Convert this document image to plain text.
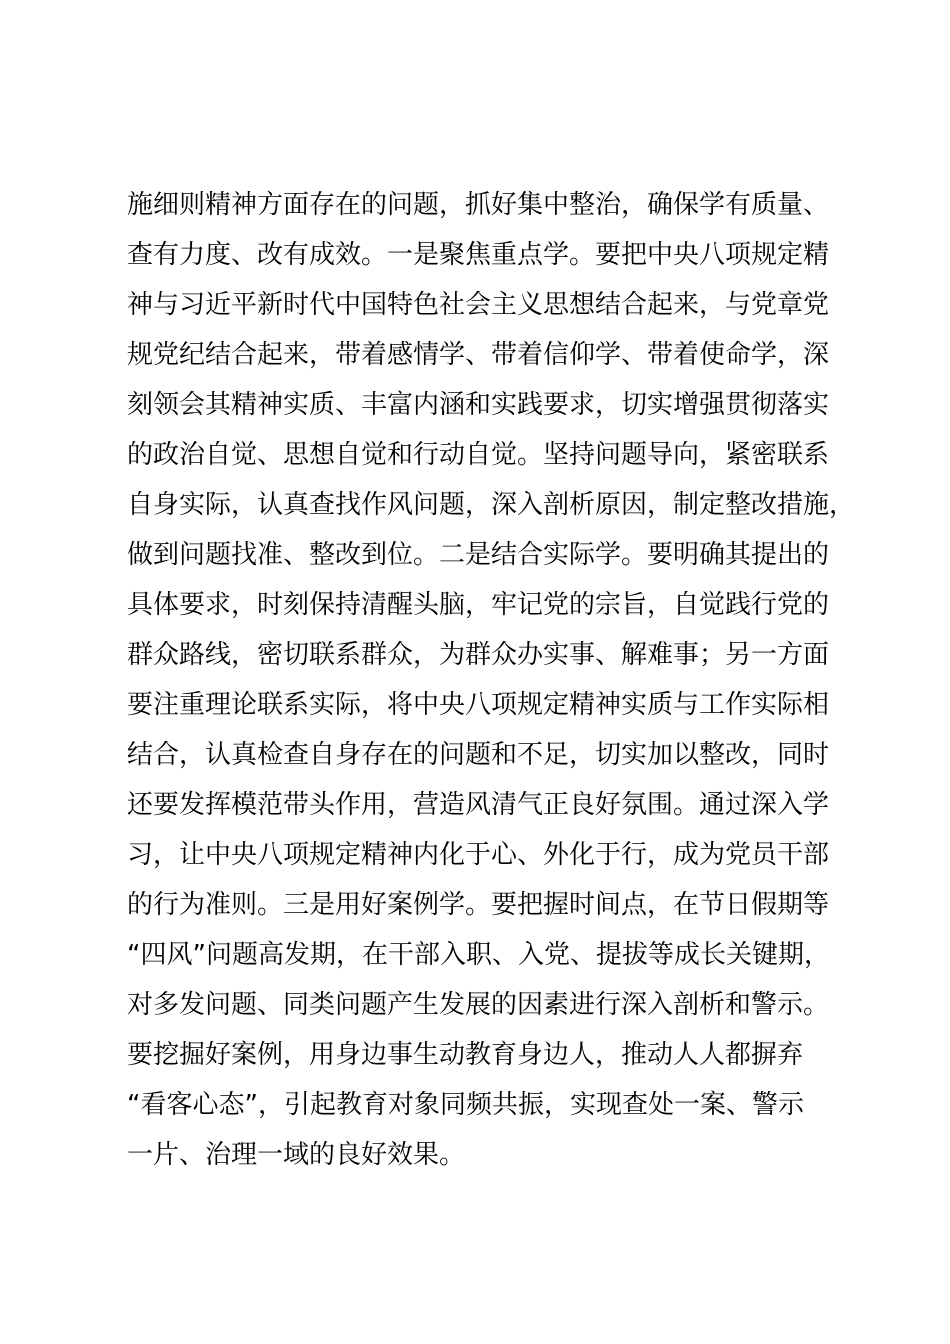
施细则精神方面存在的问题，抓好集中整治，确保学有质量、
查有力度、改有成效。一是聚焦重点学。要把中央八项规定精
神与习近平新时代中国特色社会主义思想结合起来，与党章党
规党纪结合起来，带着感情学、带着信仰学、带着使命学，深
刻领会其精神实质、丰富内涵和实践要求，切实增强贯彻落实
的政治自觉、思想自觉和行动自觉。坚持问题导向，紧密联系
自身实际，认真查找作风问题，深入剖析原因，制定整改措施，
做到问题找准、整改到位。二是结合实际学。要明确其提出的
具体要求，时刻保持清醒头脑，牢记党的宗旨，自觉践行党的
群众路线，密切联系群众，为群众办实事、解难事；另一方面
要注重理论联系实际，将中央八项规定精神实质与工作实际相
结合，认真检查自身存在的问题和不足，切实加以整改，同时
还要发挥模范带头作用，营造风清气正良好氛围。通过深入学
习，让中央八项规定精神内化于心、外化于行，成为党员干部
的行为准则。三是用好案例学。要把握时间点，在节日假期等
“四风”问题高发期，在干部入职、入党、提拔等成长关键期，
对多发问题、同类问题产生发展的因素进行深入剖析和警示。
要挖掘好案例，用身边事生动教育身边人，推动人人都摒弃
“看客心态”，引起教育对象同频共振，实现查处一案、警示
一片、治理一域的良好效果。
